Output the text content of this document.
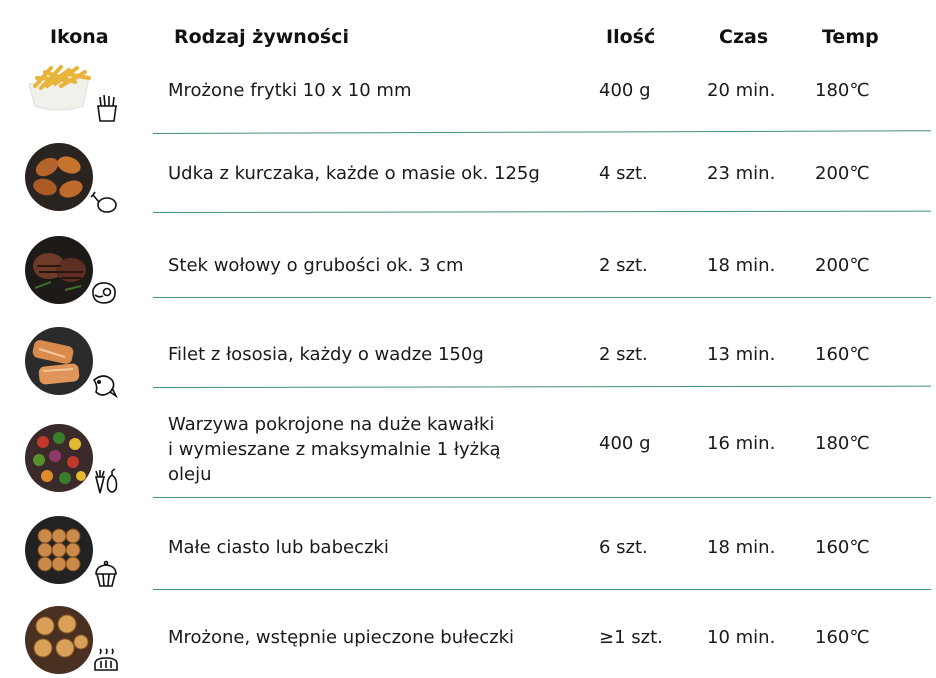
Ikona	Rodzaj żywności	Ilość	Czas	Temp
Mrożone frytki 10 x 10 mm	400 g	20 min. 180℃
Udka z kurczaka, każde o masie ok. 125g	4 szt.	23 min. 200℃
Stek wołowy o grubości ok. 3 cm	2 szt.	18 min. 200℃
Filet z łososia, każdy o wadze 150g	2 szt.	13 min. 160℃
Warzywa pokrojone na duże kawałki
i wymieszane z maksymalnie 1 łyżką
oleju
400 g	16 min. 180℃
Małe ciasto lub babeczki	6 szt.	18 min. 160℃
Mrożone, wstępnie upieczone bułeczki	≥1 szt. 10 min. 160℃
